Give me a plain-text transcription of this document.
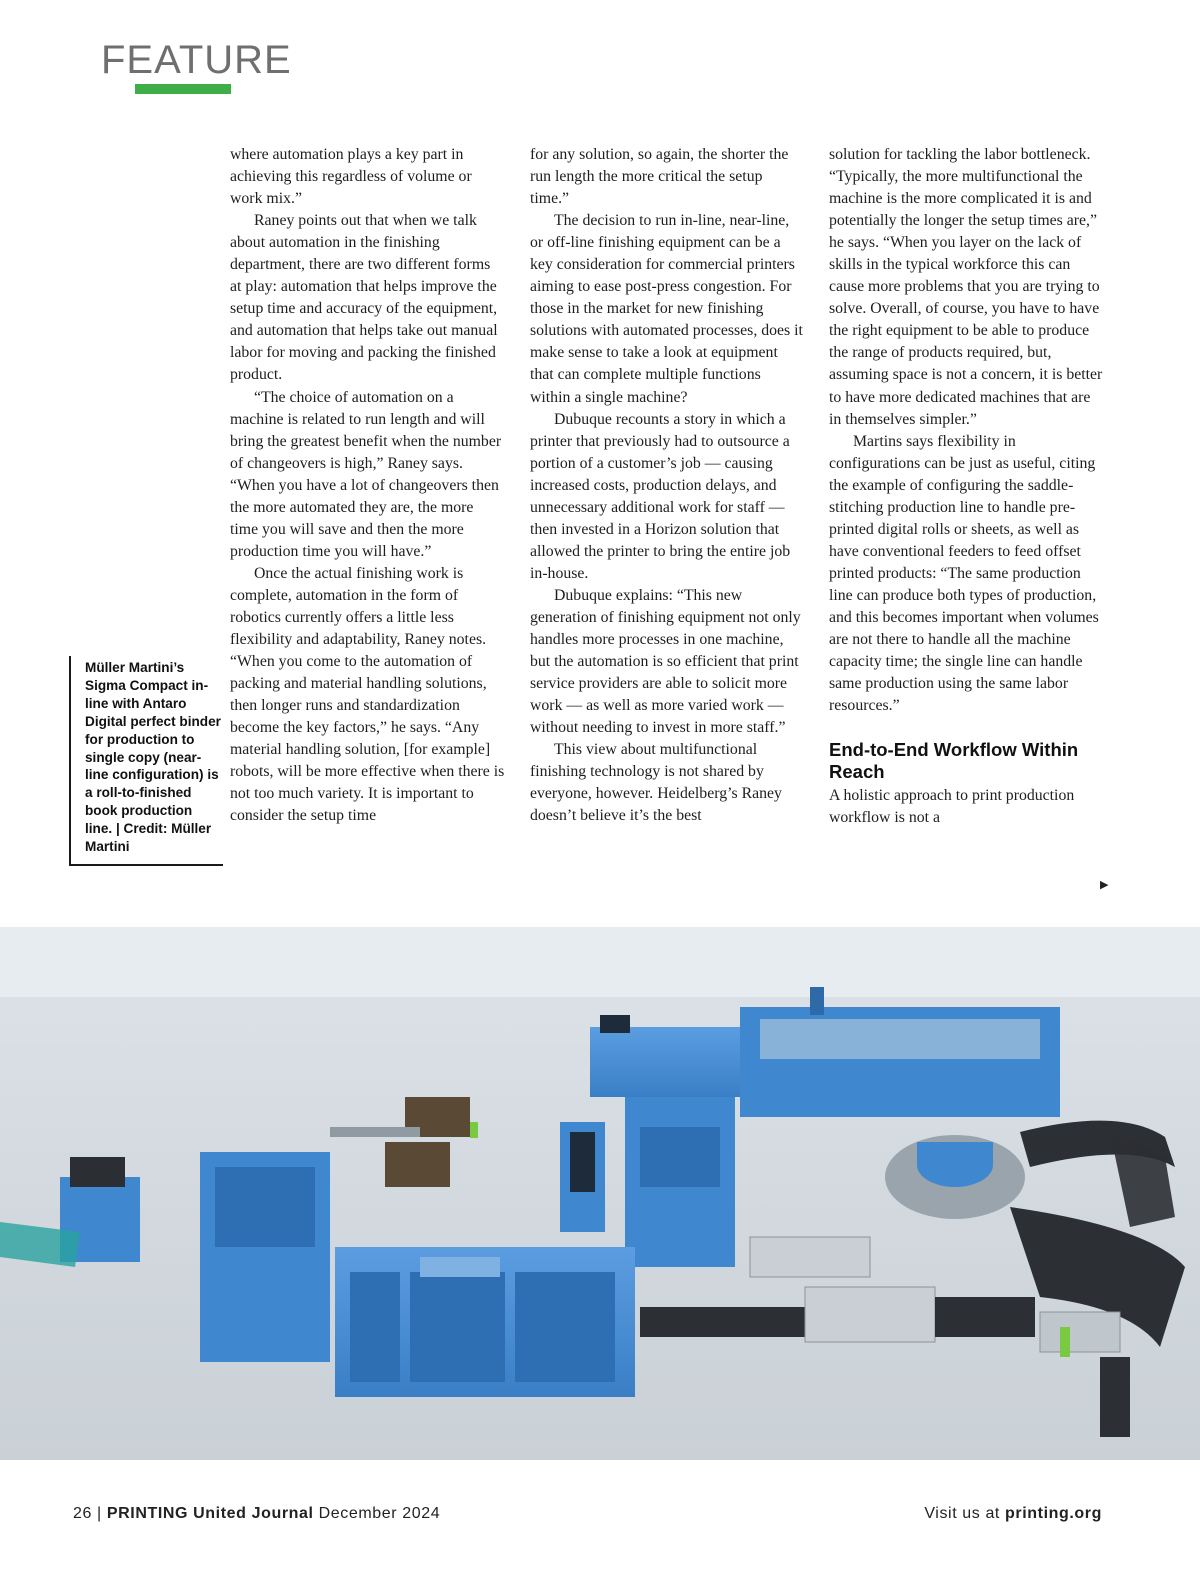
FEATURE
Müller Martini’s Sigma Compact in-line with Antaro Digital perfect binder for production to single copy (near-line configuration) is a roll-to-finished book production line. | Credit: Müller Martini

where automation plays a key part in achieving this regardless of volume or work mix.”

Raney points out that when we talk about automation in the finishing department, there are two different forms at play: automation that helps improve the setup time and accuracy of the equipment, and automation that helps take out manual labor for moving and packing the finished product.

“The choice of automation on a machine is related to run length and will bring the greatest benefit when the number of changeovers is high,” Raney says. “When you have a lot of changeovers then the more automated they are, the more time you will save and then the more production time you will have.”

Once the actual finishing work is complete, automation in the form of robotics currently offers a little less flexibility and adaptability, Raney notes. “When you come to the automation of packing and material handling solutions, then longer runs and standardization become the key factors,” he says. “Any material handling solution, [for example] robots, will be more effective when there is not too much variety. It is important to consider the setup time

for any solution, so again, the shorter the run length the more critical the setup time.”

The decision to run in-line, near-line, or off-line finishing equipment can be a key consideration for commercial printers aiming to ease post-press congestion. For those in the market for new finishing solutions with automated processes, does it make sense to take a look at equipment that can complete multiple functions within a single machine?

Dubuque recounts a story in which a printer that previously had to outsource a portion of a customer’s job — causing increased costs, production delays, and unnecessary additional work for staff — then invested in a Horizon solution that allowed the printer to bring the entire job in-house.

Dubuque explains: “This new generation of finishing equipment not only handles more processes in one machine, but the automation is so efficient that print service providers are able to solicit more work — as well as more varied work — without needing to invest in more staff.”

This view about multifunctional finishing technology is not shared by everyone, however. Heidelberg’s Raney doesn’t believe it’s the best

solution for tackling the labor bottleneck. “Typically, the more multifunctional the machine is the more complicated it is and potentially the longer the setup times are,” he says. “When you layer on the lack of skills in the typical workforce this can cause more problems that you are trying to solve. Overall, of course, you have to have the right equipment to be able to produce the range of products required, but, assuming space is not a concern, it is better to have more dedicated machines that are in themselves simpler.”

Martins says flexibility in configurations can be just as useful, citing the example of configuring the saddle-stitching production line to handle pre-printed digital rolls or sheets, as well as have conventional feeders to feed offset printed products: “The same production line can produce both types of production, and this becomes important when volumes are not there to handle all the machine capacity time; the single line can handle same production using the same labor resources.”

End-to-End Workflow Within Reach

A holistic approach to print production workflow is not a

▶
26 | PRINTING United Journal December 2024	Visit us at printing.org
